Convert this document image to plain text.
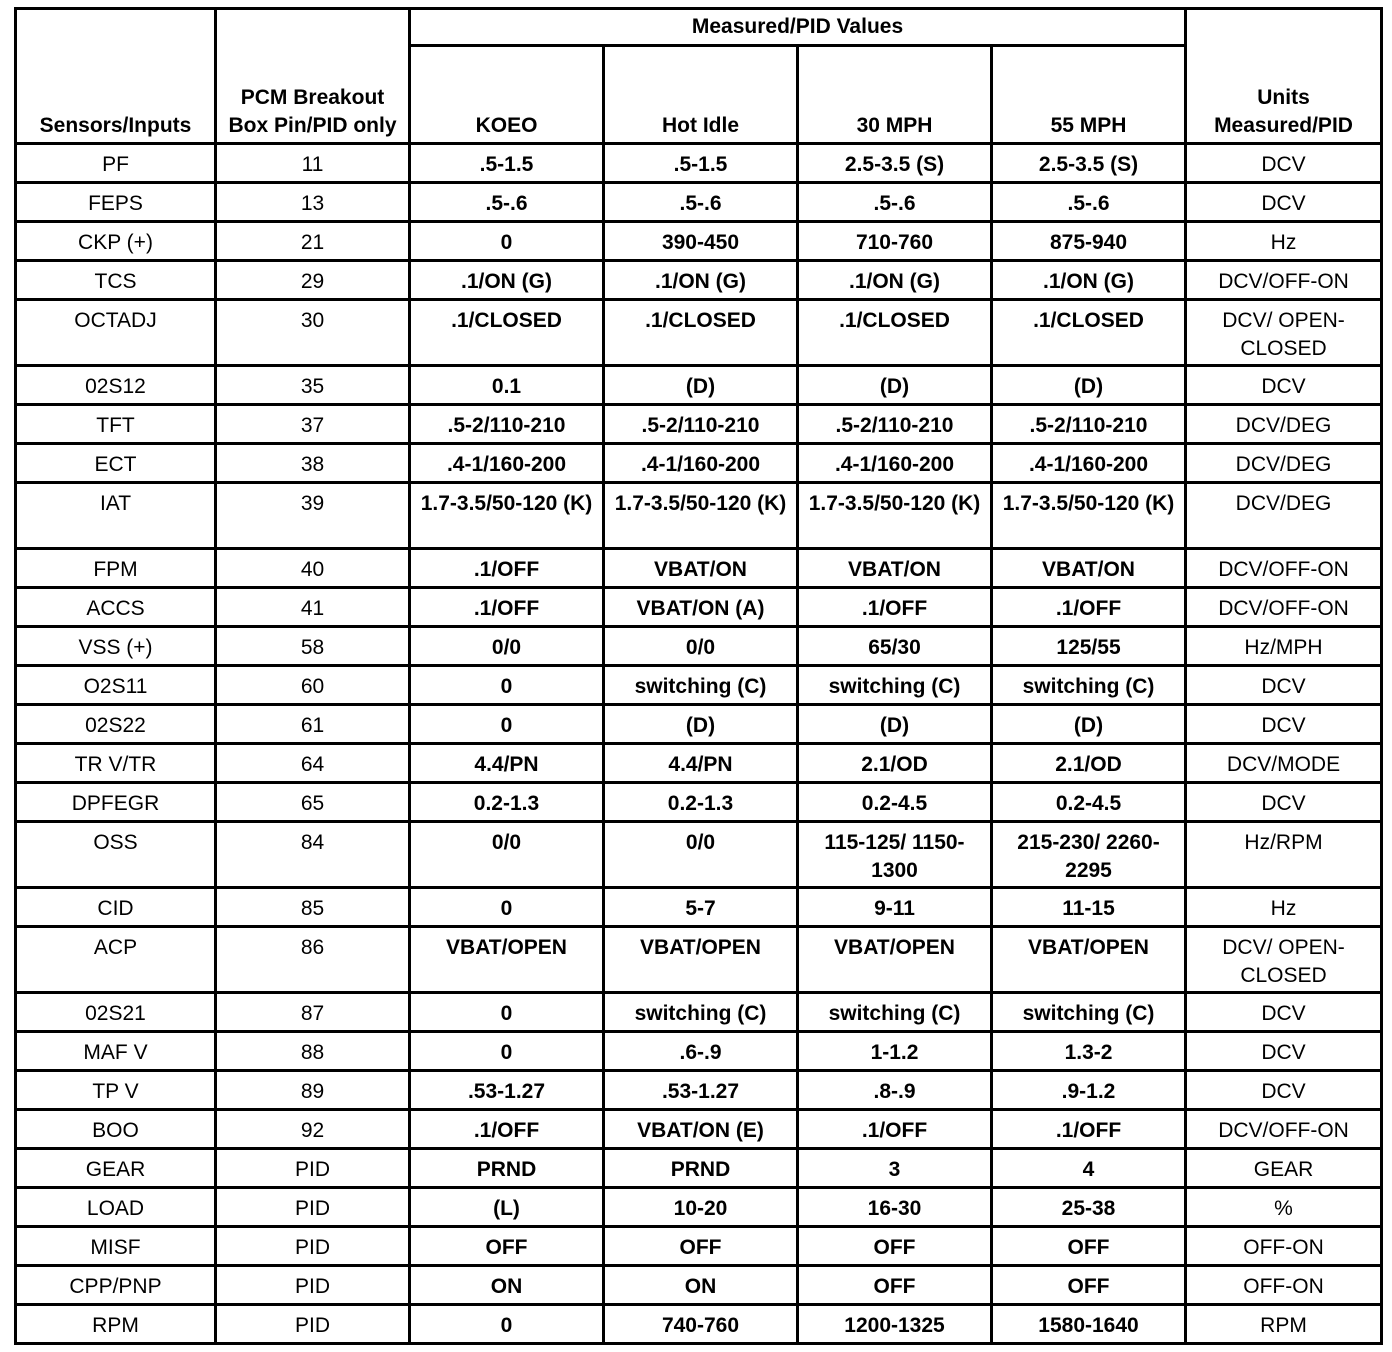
Sensors/Inputs	PCM Breakout Box Pin/PID only	Measured/PID Values				Units Measured/PID
		KOEO	Hot Idle	30 MPH	55 MPH	
PF	11	.5-1.5	.5-1.5	2.5-3.5 (S)	2.5-3.5 (S)	DCV
FEPS	13	.5-.6	.5-.6	.5-.6	.5-.6	DCV
CKP (+)	21	0	390-450	710-760	875-940	Hz
TCS	29	.1/ON (G)	.1/ON (G)	.1/ON (G)	.1/ON (G)	DCV/OFF-ON
OCTADJ	30	.1/CLOSED	.1/CLOSED	.1/CLOSED	.1/CLOSED	DCV/ OPEN-CLOSED
02S12	35	0.1	(D)	(D)	(D)	DCV
TFT	37	.5-2/110-210	.5-2/110-210	.5-2/110-210	.5-2/110-210	DCV/DEG
ECT	38	.4-1/160-200	.4-1/160-200	.4-1/160-200	.4-1/160-200	DCV/DEG
IAT	39	1.7-3.5/50-120 (K)	1.7-3.5/50-120 (K)	1.7-3.5/50-120 (K)	1.7-3.5/50-120 (K)	DCV/DEG
FPM	40	.1/OFF	VBAT/ON	VBAT/ON	VBAT/ON	DCV/OFF-ON
ACCS	41	.1/OFF	VBAT/ON (A)	.1/OFF	.1/OFF	DCV/OFF-ON
VSS (+)	58	0/0	0/0	65/30	125/55	Hz/MPH
O2S11	60	0	switching (C)	switching (C)	switching (C)	DCV
02S22	61	0	(D)	(D)	(D)	DCV
TR V/TR	64	4.4/PN	4.4/PN	2.1/OD	2.1/OD	DCV/MODE
DPFEGR	65	0.2-1.3	0.2-1.3	0.2-4.5	0.2-4.5	DCV
OSS	84	0/0	0/0	115-125/ 1150-1300	215-230/ 2260-2295	Hz/RPM
CID	85	0	5-7	9-11	11-15	Hz
ACP	86	VBAT/OPEN	VBAT/OPEN	VBAT/OPEN	VBAT/OPEN	DCV/ OPEN-CLOSED
02S21	87	0	switching (C)	switching (C)	switching (C)	DCV
MAF V	88	0	.6-.9	1-1.2	1.3-2	DCV
TP V	89	.53-1.27	.53-1.27	.8-.9	.9-1.2	DCV
BOO	92	.1/OFF	VBAT/ON (E)	.1/OFF	.1/OFF	DCV/OFF-ON
GEAR	PID	PRND	PRND	3	4	GEAR
LOAD	PID	(L)	10-20	16-30	25-38	%
MISF	PID	OFF	OFF	OFF	OFF	OFF-ON
CPP/PNP	PID	ON	ON	OFF	OFF	OFF-ON
RPM	PID	0	740-760	1200-1325	1580-1640	RPM
